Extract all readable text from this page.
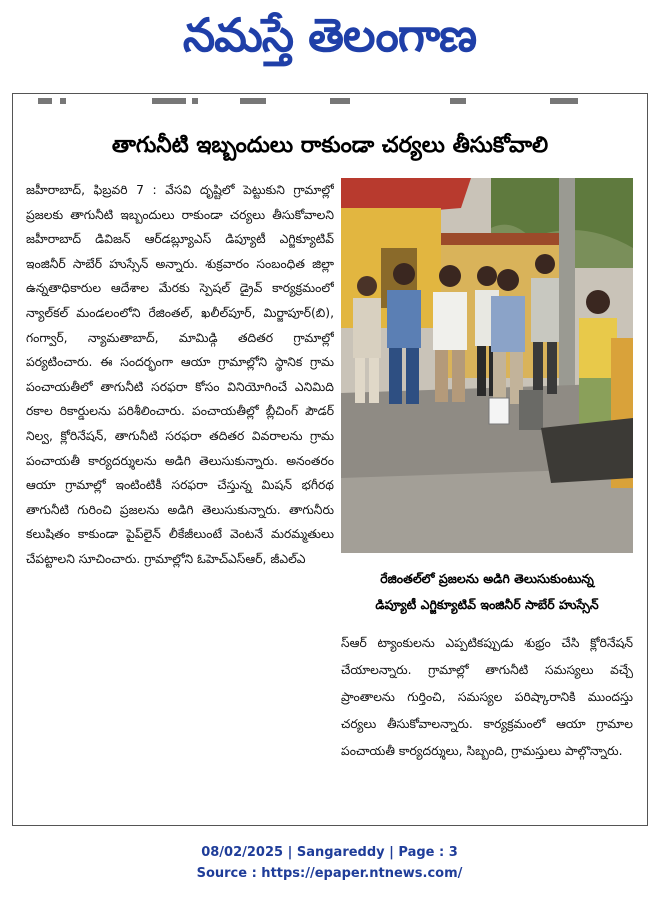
నమస్తే తెలంగాణ
తాగునీటి ఇబ్బందులు రాకుండా చర్యలు తీసుకోవాలి

జహీరాబాద్, ఫిబ్రవరి 7 : వేసవి దృష్టిలో పెట్టుకుని గ్రామాల్లో ప్రజలకు తాగునీటి ఇబ్బందులు రాకుండా చర్యలు తీసుకోవాలని జహీరాబాద్ డివిజన్ ఆర్‌డబ్ల్యూఎస్ డిప్యూటీ ఎగ్జిక్యూటివ్ ఇంజినీర్ సాబేర్ హుస్సేన్ అన్నారు. శుక్రవారం సంబంధిత జిల్లా ఉన్నతాధికారుల ఆదేశాల మేరకు స్పెషల్ డ్రైవ్ కార్యక్రమంలో న్యాల్‌కల్ మండలంలోని రేజింతల్, ఖలీల్‌పూర్, మిర్జాపూర్(బి), గంగ్వార్, న్యామతాబాద్, మామిడ్గి తదితర గ్రామాల్లో పర్యటించారు. ఈ సందర్భంగా ఆయా గ్రామాల్లోని స్థానిక గ్రామ పంచాయతీలో తాగునీటి సరఫరా కోసం వినియోగించే ఎనిమిది రకాల రికార్డులను పరిశీలించారు. పంచాయతీల్లో బ్లీచింగ్ పౌడర్ నిల్వ, క్లోరినేషన్, తాగునీటి సరఫరా తదితర వివరాలను గ్రామ పంచాయతీ కార్యదర్శులను అడిగి తెలుసుకున్నారు. అనంతరం ఆయా గ్రామాల్లో ఇంటింటికీ సరఫరా చేస్తున్న మిషన్ భగీరథ తాగునీటి గురించి ప్రజలను అడిగి తెలుసుకున్నారు. తాగునీరు కలుషితం కాకుండా పైప్‌లైన్ లీకేజీలుంటే వెంటనే మరమ్మతులు చేపట్టాలని సూచించారు. గ్రామాల్లోని ఓహెచ్ఎస్ఆర్, జీఎల్ఎ

రేజింతల్‌లో ప్రజలను అడిగి తెలుసుకుంటున్న
డిప్యూటీ ఎగ్జిక్యూటివ్ ఇంజినీర్ సాబేర్ హుస్సేన్

స్ఆర్ ట్యాంకులను ఎప్పటికప్పుడు శుభ్రం చేసి క్లోరినేషన్ చేయాలన్నారు. గ్రామాల్లో తాగునీటి సమస్యలు వచ్చే ప్రాంతాలను గుర్తించి, సమస్యల పరిష్కారానికి ముందస్తు చర్యలు తీసుకోవాలన్నారు. కార్యక్రమంలో ఆయా గ్రామాల పంచాయతీ కార్యదర్శులు, సిబ్బంది, గ్రామస్తులు పాల్గొన్నారు.

08/02/2025 | Sangareddy | Page : 3
Source : https://epaper.ntnews.com/
